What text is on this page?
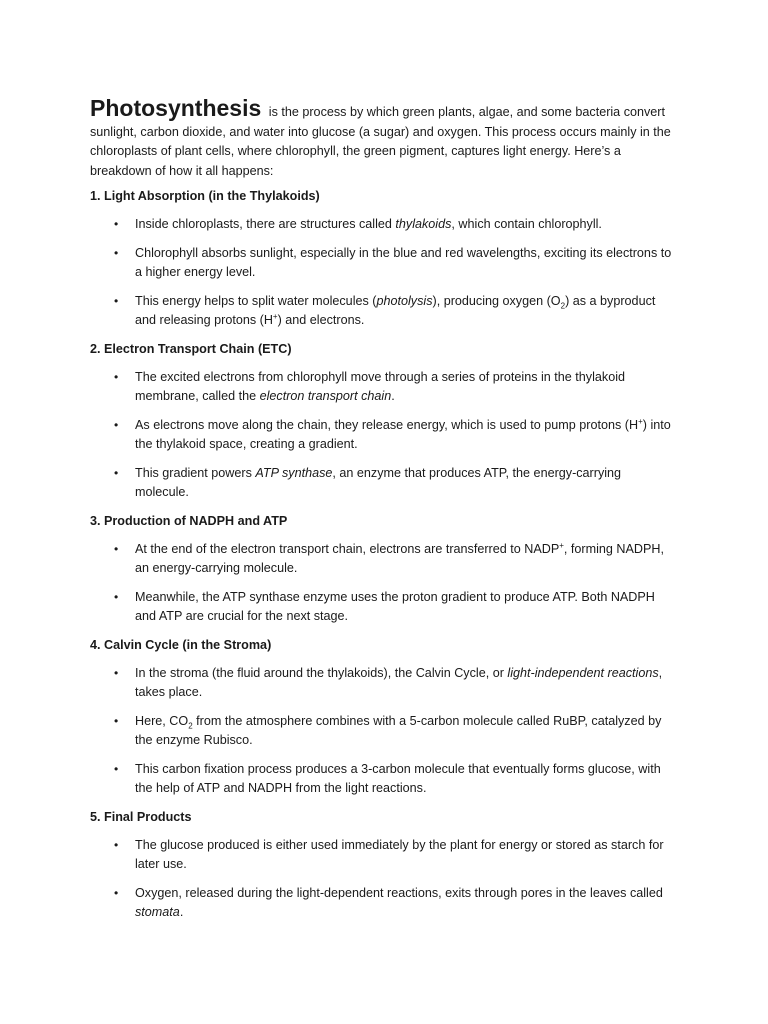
Photosynthesis is the process by which green plants, algae, and some bacteria convert sunlight, carbon dioxide, and water into glucose (a sugar) and oxygen. This process occurs mainly in the chloroplasts of plant cells, where chlorophyll, the green pigment, captures light energy. Here’s a breakdown of how it all happens:

1. Light Absorption (in the Thylakoids)
• Inside chloroplasts, there are structures called thylakoids, which contain chlorophyll.
• Chlorophyll absorbs sunlight, especially in the blue and red wavelengths, exciting its electrons to a higher energy level.
• This energy helps to split water molecules (photolysis), producing oxygen $(O_2)$ as a byproduct and releasing protons (H+) and electrons.
2. Electron Transport Chain (ETC)
• The excited electrons from chlorophyll move through a series of proteins in the thylakoid membrane, called the electron transport chain.
• As electrons move along the chain, they release energy, which is used to pump protons (H+) into the thylakoid space, creating a gradient.
• This gradient powers ATP synthase, an enzyme that produces ATP, the energy-carrying molecule.
3. Production of NADPH and ATP
• At the end of the electron transport chain, electrons are transferred to NADP+, forming NADPH, an energy-carrying molecule.
• Meanwhile, the ATP synthase enzyme uses the proton gradient to produce ATP. Both NADPH and ATP are crucial for the next stage.
4. Calvin Cycle (in the Stroma)
• In the stroma (the fluid around the thylakoids), the Calvin Cycle, or light-independent reactions, takes place.
• Here, $CO_2$ from the atmosphere combines with a 5-carbon molecule called RuBP, catalyzed by the enzyme Rubisco.
• This carbon fixation process produces a 3-carbon molecule that eventually forms glucose, with the help of ATP and NADPH from the light reactions.
5. Final Products
• The glucose produced is either used immediately by the plant for energy or stored as starch for later use.
• Oxygen, released during the light-dependent reactions, exits through pores in the leaves called stomata.
